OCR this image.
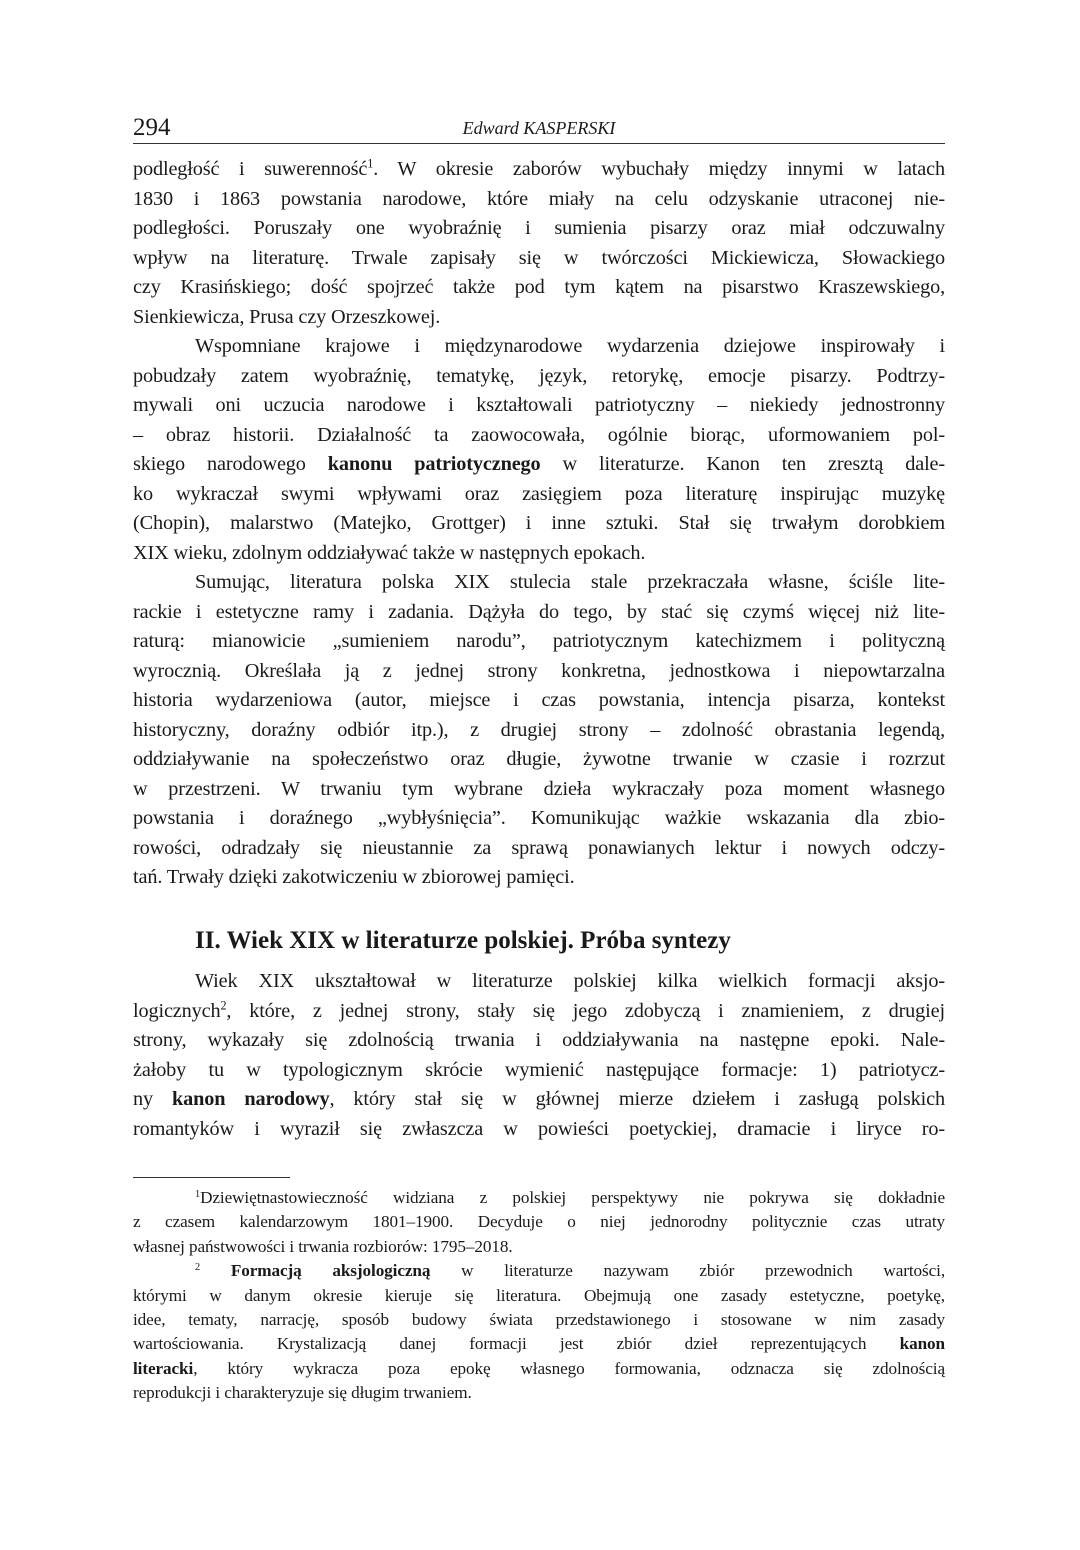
294	Edward KASPERSKI
podległość i suwerenność$^1$. W okresie zaborów wybuchały między innymi w latach
1830 i 1863 powstania narodowe, które miały na celu odzyskanie utraconej nie-
podległości. Poruszały one wyobraźnię i sumienia pisarzy oraz miał odczuwalny
wpływ na literaturę. Trwale zapisały się w twórczości Mickiewicza, Słowackiego
czy Krasińskiego; dość spojrzeć także pod tym kątem na pisarstwo Kraszewskiego,
Sienkiewicza, Prusa czy Orzeszkowej.
Wspomniane krajowe i międzynarodowe wydarzenia dziejowe inspirowały i
pobudzały zatem wyobraźnię, tematykę, język, retorykę, emocje pisarzy. Podtrzy-
mywali oni uczucia narodowe i kształtowali patriotyczny – niekiedy jednostronny
– obraz historii. Działalność ta zaowocowała, ogólnie biorąc, uformowaniem pol-
skiego narodowego kanonu patriotycznego w literaturze. Kanon ten zresztą dale-
ko wykraczał swymi wpływami oraz zasięgiem poza literaturę inspirując muzykę
(Chopin), malarstwo (Matejko, Grottger) i inne sztuki. Stał się trwałym dorobkiem
XIX wieku, zdolnym oddziaływać także w następnych epokach.
Sumując, literatura polska XIX stulecia stale przekraczała własne, ściśle lite-
rackie i estetyczne ramy i zadania. Dążyła do tego, by stać się czymś więcej niż lite-
raturą: mianowicie „sumieniem narodu”, patriotycznym katechizmem i polityczną
wyrocznią. Określała ją z jednej strony konkretna, jednostkowa i niepowtarzalna
historia wydarzeniowa (autor, miejsce i czas powstania, intencja pisarza, kontekst
historyczny, doraźny odbiór itp.), z drugiej strony – zdolność obrastania legendą,
oddziaływanie na społeczeństwo oraz długie, żywotne trwanie w czasie i rozrzut
w przestrzeni. W trwaniu tym wybrane dzieła wykraczały poza moment własnego
powstania i doraźnego „wybłyśnięcia”. Komunikując ważkie wskazania dla zbio-
rowości, odradzały się nieustannie za sprawą ponawianych lektur i nowych odczy-
tań. Trwały dzięki zakotwiczeniu w zbiorowej pamięci.
II. Wiek XIX w literaturze polskiej. Próba syntezy
Wiek XIX ukształtował w literaturze polskiej kilka wielkich formacji aksjo-
logicznych$^2$, które, z jednej strony, stały się jego zdobyczą i znamieniem, z drugiej
strony, wykazały się zdolnością trwania i oddziaływania na następne epoki. Nale-
żałoby tu w typologicznym skrócie wymienić następujące formacje: 1) patriotycz-
ny kanon narodowy, który stał się w głównej mierze dziełem i zasługą polskich
romantyków i wyraził się zwłaszcza w powieści poetyckiej, dramacie i liryce ro-
$^1$Dziewiętnastowieczność widziana z polskiej perspektywy nie pokrywa się dokładnie
z czasem kalendarzowym 1801–1900. Decyduje o niej jednorodny politycznie czas utraty
własnej państwowości i trwania rozbiorów: 1795–2018.
$^2$ Formacją aksjologiczną w literaturze nazywam zbiór przewodnich wartości,
którymi w danym okresie kieruje się literatura. Obejmują one zasady estetyczne, poetykę,
idee, tematy, narrację, sposób budowy świata przedstawionego i stosowane w nim zasady
wartościowania. Krystalizacją danej formacji jest zbiór dzieł reprezentujących kanon
literacki, który wykracza poza epokę własnego formowania, odznacza się zdolnością
reprodukcji i charakteryzuje się długim trwaniem.
